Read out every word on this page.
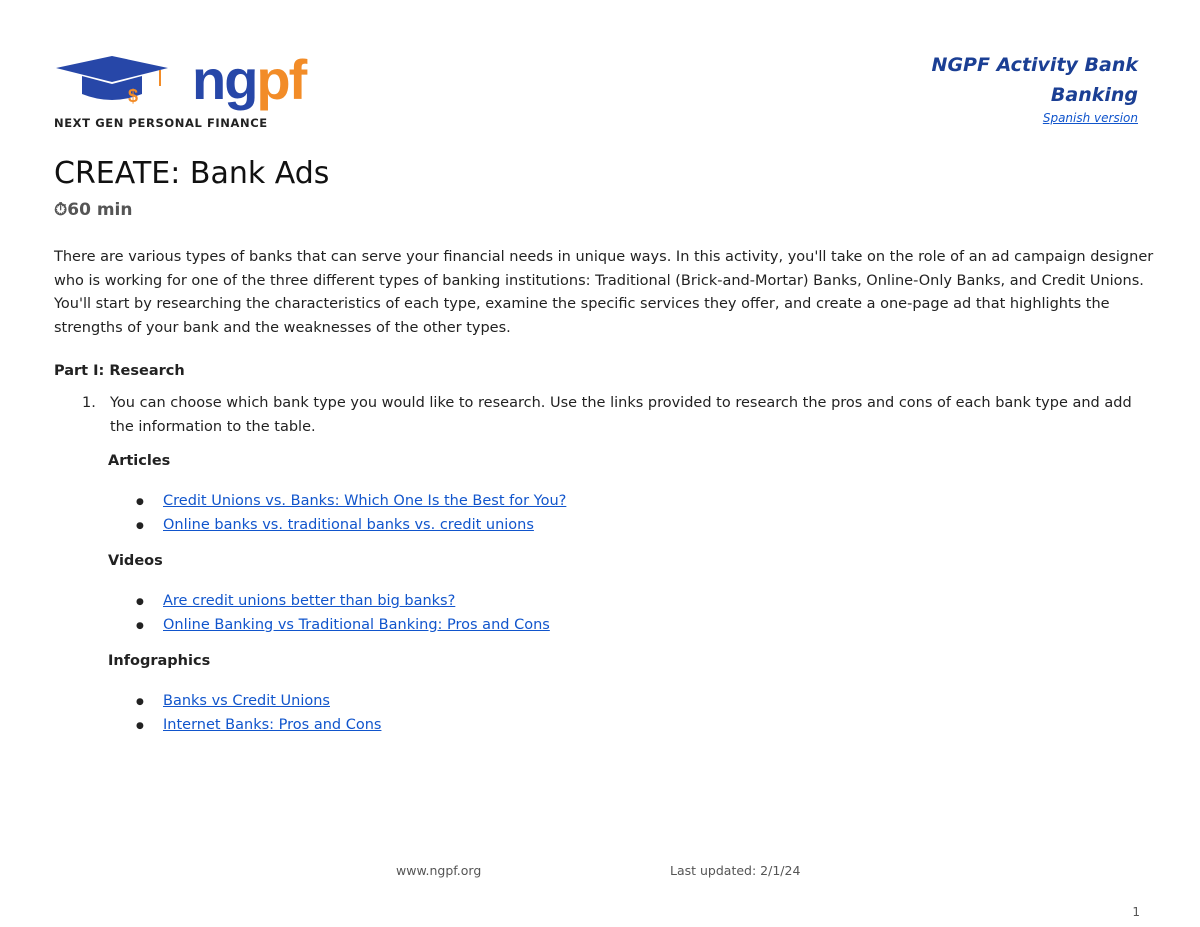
$ ngpf
NEXT GEN PERSONAL FINANCE
NGPF Activity Bank
Banking
Spanish version
CREATE: Bank Ads
⏱60 min
There are various types of banks that can serve your financial needs in unique ways. In this activity, you'll take on the role of an ad campaign designer who is working for one of the three different types of banking institutions: Traditional (Brick-and-Mortar) Banks, Online-Only Banks, and Credit Unions. You'll start by researching the characteristics of each type, examine the specific services they offer, and create a one-page ad that highlights the strengths of your bank and the weaknesses of the other types.
Part I: Research
1. You can choose which bank type you would like to research. Use the links provided to research the pros and cons of each bank type and add the information to the table.
Articles
● Credit Unions vs. Banks: Which One Is the Best for You?
● Online banks vs. traditional banks vs. credit unions
Videos
● Are credit unions better than big banks?
● Online Banking vs Traditional Banking: Pros and Cons
Infographics
● Banks vs Credit Unions
● Internet Banks: Pros and Cons
www.ngpf.org	Last updated: 2/1/24
1
